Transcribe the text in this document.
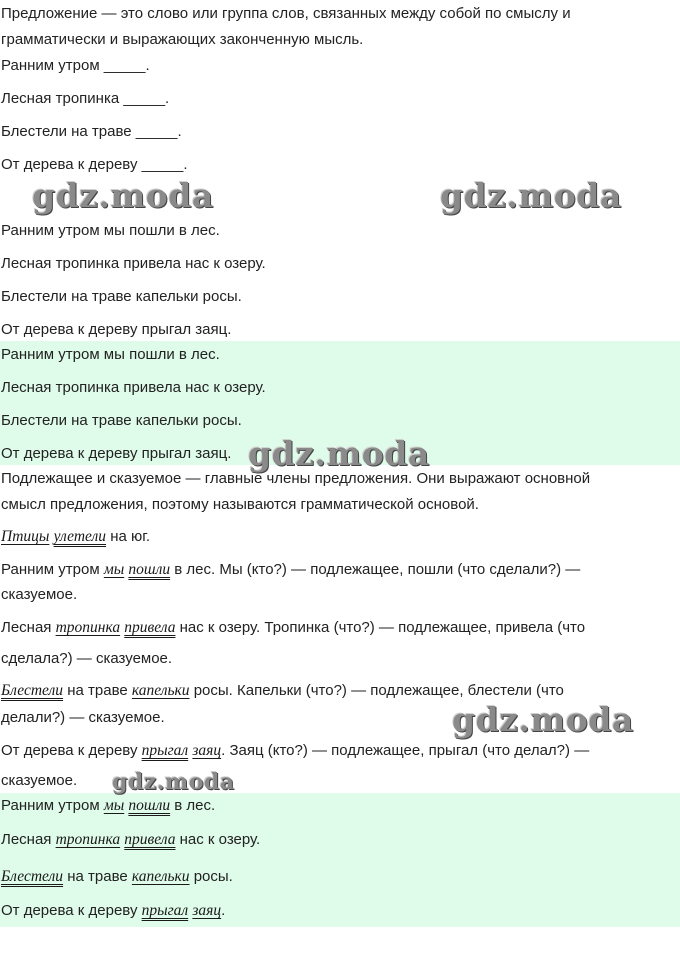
Предложение — это слово или группа слов, связанных между собой по смыслу и
грамматически и выражающих законченную мысль.
Ранним утром _____.
Лесная тропинка _____.
Блестели на траве _____.
От дерева к дереву _____.
Ранним утром мы пошли в лес.
Лесная тропинка привела нас к озеру.
Блестели на траве капельки росы.
От дерева к дереву прыгал заяц.
Ранним утром мы пошли в лес.
Лесная тропинка привела нас к озеру.
Блестели на траве капельки росы.
От дерева к дереву прыгал заяц.
Подлежащее и сказуемое — главные члены предложения. Они выражают основной
смысл предложения, поэтому называются грамматической основой.
Птицы улетели на юг.
Ранним утром мы пошли в лес. Мы (кто?) — подлежащее, пошли (что сделали?) —
сказуемое.
Лесная тропинка привела нас к озеру. Тропинка (что?) — подлежащее, привела (что
сделала?) — сказуемое.
Блестели на траве капельки росы. Капельки (что?) — подлежащее, блестели (что
делали?) — сказуемое.
От дерева к дереву прыгал заяц. Заяц (кто?) — подлежащее, прыгал (что делал?) —
сказуемое.
Ранним утром мы пошли в лес.
Лесная тропинка привела нас к озеру.
Блестели на траве капельки росы.
От дерева к дереву прыгал заяц.
gdz.moda	gdz.moda
gdz.moda
gdz.moda
gdz.moda
